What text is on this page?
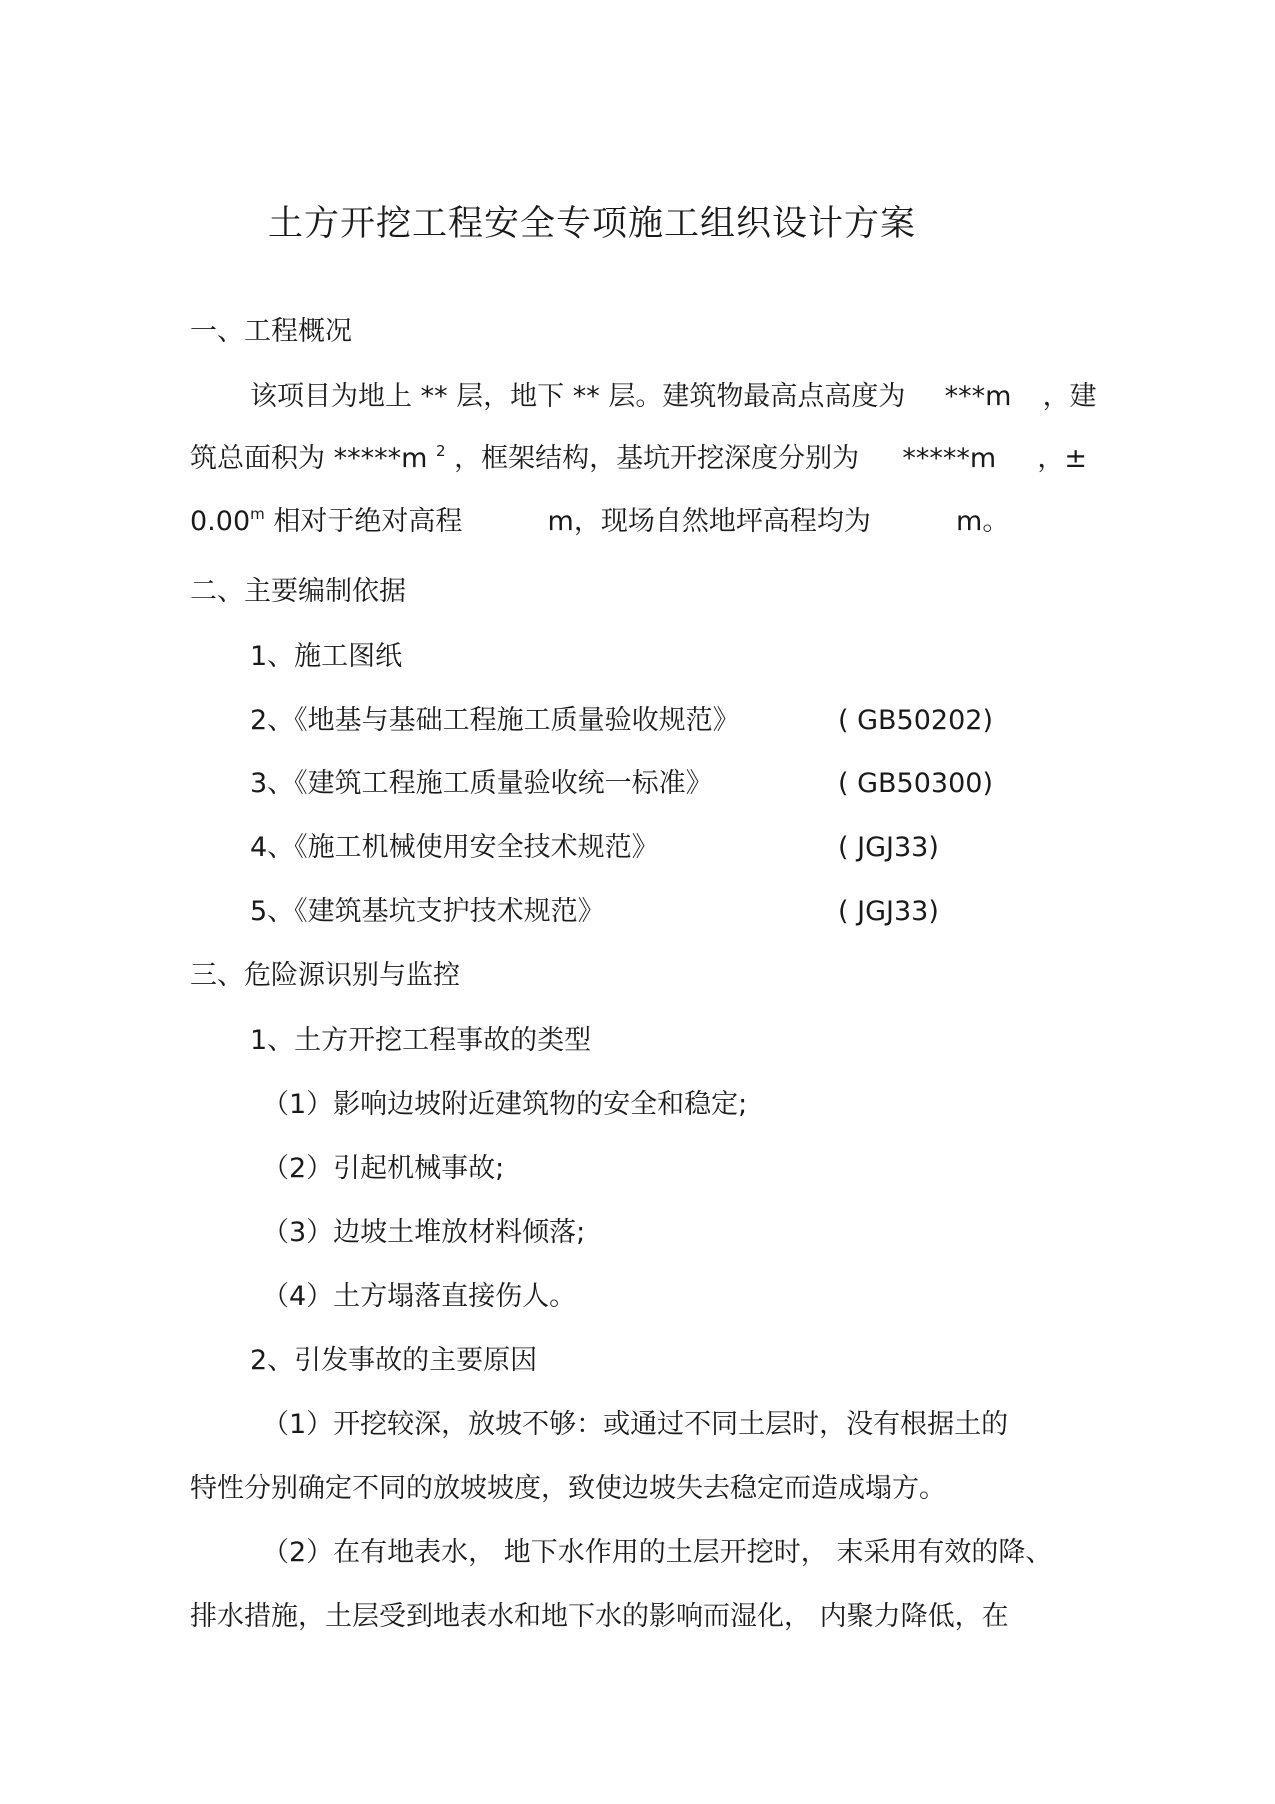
土方开挖工程安全专项施工组织设计方案
一、工程概况
该项目为地上 ** 层，地下 ** 层。建筑物最高点高度为 ***m ，建
筑总面积为 *****m $^2$ ，框架结构，基坑开挖深度分别为 *****m ，±
$0.00^m$ 相对于绝对高程	m，现场自然地坪高程均为	m。
二、主要编制依据
1、施工图纸
2、《地基与基础工程施工质量验收规范》	( GB50202)
3、《建筑工程施工质量验收统一标准》	( GB50300)
4、《施工机械使用安全技术规范》	( JGJ33)
5、《建筑基坑支护技术规范》	( JGJ33)
三、危险源识别与监控
1、土方开挖工程事故的类型
（1）影响边坡附近建筑物的安全和稳定;
（2）引起机械事故;
（3）边坡土堆放材料倾落;
（4）土方塌落直接伤人。
2、引发事故的主要原因
（1）开挖较深，放坡不够：或通过不同土层时，没有根据土的
特性分别确定不同的放坡坡度，致使边坡失去稳定而造成塌方。
（2）在有地表水， 地下水作用的土层开挖时， 末采用有效的降、
排水措施，土层受到地表水和地下水的影响而湿化， 内聚力降低，在
